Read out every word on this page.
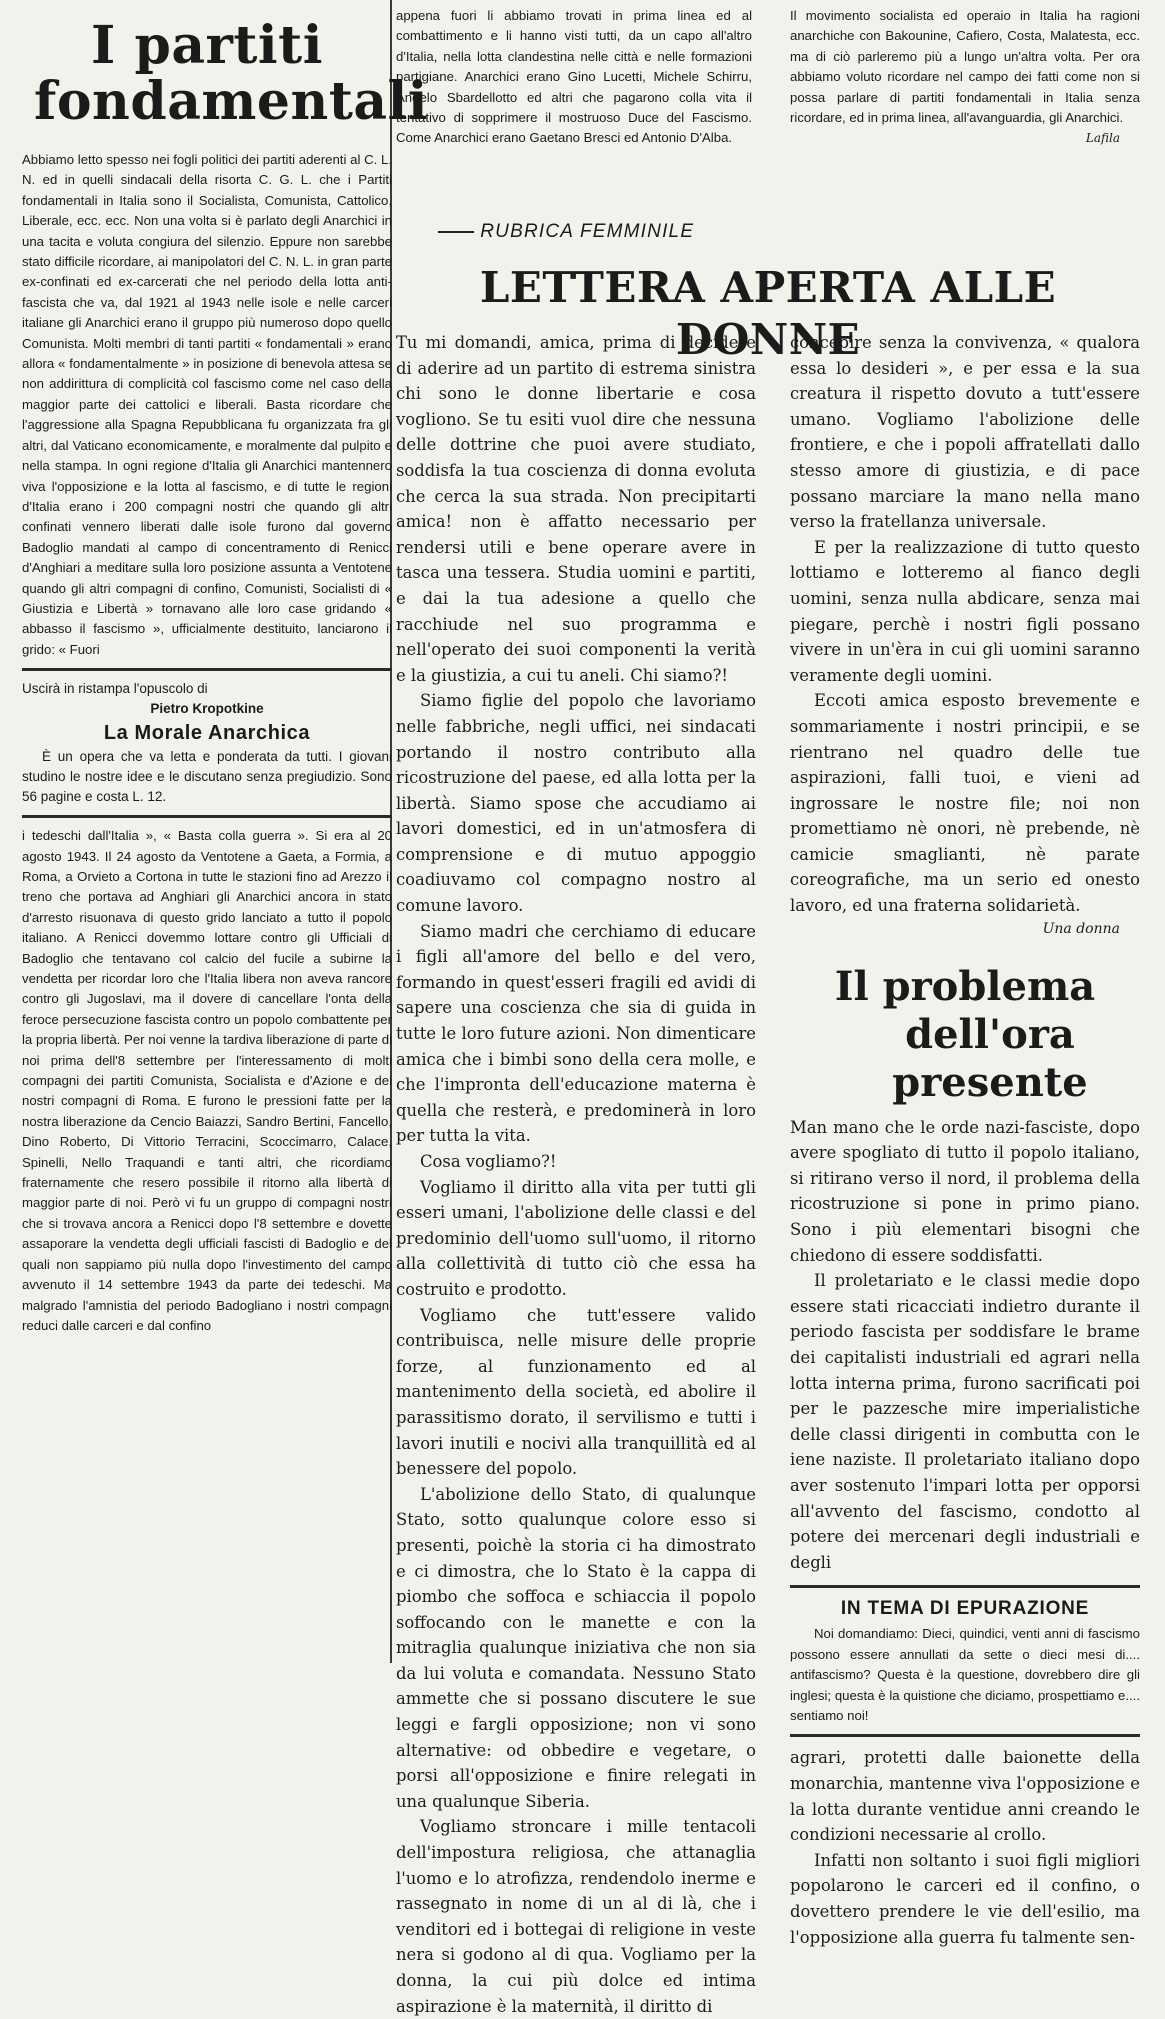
I partiti fondamentali

Abbiamo letto spesso nei fogli politici dei partiti aderenti al C. L. N. ed in quelli sindacali della risorta C. G. L. che i Partiti fondamentali in Italia sono il Socialista, Comunista, Cattolico, Liberale, ecc. ecc. Non una volta si è parlato degli Anarchici in una tacita e voluta congiura del silenzio. Eppure non sarebbe stato difficile ricordare, ai manipolatori del C. N. L. in gran parte ex-confinati ed ex-carcerati che nel periodo della lotta anti-fascista che va, dal 1921 al 1943 nelle isole e nelle carceri italiane gli Anarchici erano il gruppo più numeroso dopo quello Comunista. Molti membri di tanti partiti « fondamentali » erano allora « fondamentalmente » in posizione di benevola attesa se non addirittura di complicità col fascismo come nel caso della maggior parte dei cattolici e liberali. Basta ricordare che l'aggressione alla Spagna Repubblicana fu organizzata fra gli altri, dal Vaticano economicamente, e moralmente dal pulpito e nella stampa. In ogni regione d'Italia gli Anarchici mantennero viva l'opposizione e la lotta al fascismo, e di tutte le regioni d'Italia erano i 200 compagni nostri che quando gli altri confinati vennero liberati dalle isole furono dal governo Badoglio mandati al campo di concentramento di Renicci d'Anghiari a meditare sulla loro posizione assunta a Ventotene quando gli altri compagni di confino, Comunisti, Socialisti di « Giustizia e Libertà » tornavano alle loro case gridando « abbasso il fascismo », ufficialmente destituito, lanciarono il grido: « Fuori

Uscirà in ristampa l'opuscolo di
Pietro Kropotkine
La Morale Anarchica

È un opera che va letta e ponderata da tutti. I giovani studino le nostre idee e le discutano senza pregiudizio. Sono 56 pagine e costa L. 12.

i tedeschi dall'Italia », « Basta colla guerra ». Si era al 20 agosto 1943. Il 24 agosto da Ventotene a Gaeta, a Formia, a Roma, a Orvieto a Cortona in tutte le stazioni fino ad Arezzo il treno che portava ad Anghiari gli Anarchici ancora in stato d'arresto risuonava di questo grido lanciato a tutto il popolo italiano. A Renicci dovemmo lottare contro gli Ufficiali di Badoglio che tentavano col calcio del fucile a subirne la vendetta per ricordar loro che l'Italia libera non aveva rancore contro gli Jugoslavi, ma il dovere di cancellare l'onta della feroce persecuzione fascista contro un popolo combattente per la propria libertà. Per noi venne la tardiva liberazione di parte di noi prima dell'8 settembre per l'interessamento di molti compagni dei partiti Comunista, Socialista e d'Azione e dei nostri compagni di Roma. E furono le pressioni fatte per la nostra liberazione da Cencio Baiazzi, Sandro Bertini, Fancello, Dino Roberto, Di Vittorio Terracini, Scoccimarro, Calace, Spinelli, Nello Traquandi e tanti altri, che ricordiamo fraternamente che resero possibile il ritorno alla libertà di maggior parte di noi. Però vi fu un gruppo di compagni nostri che si trovava ancora a Renicci dopo l'8 settembre e dovette assaporare la vendetta degli ufficiali fascisti di Badoglio e del quali non sappiamo più nulla dopo l'investimento del campo avvenuto il 14 settembre 1943 da parte dei tedeschi. Ma malgrado l'amnistia del periodo Badogliano i nostri compagni reduci dalle carceri e dal confino

appena fuori li abbiamo trovati in prima linea ed al combattimento e li hanno visti tutti, da un capo all'altro d'Italia, nella lotta clandestina nelle città e nelle formazioni partigiane. Anarchici erano Gino Lucetti, Michele Schirru, Angelo Sbardellotto ed altri che pagarono colla vita il tentativo di sopprimere il mostruoso Duce del Fascismo. Come Anarchici erano Gaetano Bresci ed Antonio D'Alba.

Il movimento socialista ed operaio in Italia ha ragioni anarchiche con Bakounine, Cafiero, Costa, Malatesta, ecc. ma di ciò parleremo più a lungo un'altra volta. Per ora abbiamo voluto ricordare nel campo dei fatti come non si possa parlare di partiti fondamentali in Italia senza ricordare, ed in prima linea, all'avanguardia, gli Anarchici.

Lafila

RUBRICA FEMMINILE

LETTERA APERTA ALLE DONNE

Tu mi domandi, amica, prima di decidere di aderire ad un partito di estrema sinistra chi sono le donne libertarie e cosa vogliono. Se tu esiti vuol dire che nessuna delle dottrine che puoi avere studiato, soddisfa la tua coscienza di donna evoluta che cerca la sua strada. Non precipitarti amica! non è affatto necessario per rendersi utili e bene operare avere in tasca una tessera. Studia uomini e partiti, e dai la tua adesione a quello che racchiude nel suo programma e nell'operato dei suoi componenti la verità e la giustizia, a cui tu aneli. Chi siamo?!

Siamo figlie del popolo che lavoriamo nelle fabbriche, negli uffici, nei sindacati portando il nostro contributo alla ricostruzione del paese, ed alla lotta per la libertà. Siamo spose che accudiamo ai lavori domestici, ed in un'atmosfera di comprensione e di mutuo appoggio coadiuvamo col compagno nostro al comune lavoro.

Siamo madri che cerchiamo di educare i figli all'amore del bello e del vero, formando in quest'esseri fragili ed avidi di sapere una coscienza che sia di guida in tutte le loro future azioni. Non dimenticare amica che i bimbi sono della cera molle, e che l'impronta dell'educazione materna è quella che resterà, e predominerà in loro per tutta la vita.

Cosa vogliamo?!

Vogliamo il diritto alla vita per tutti gli esseri umani, l'abolizione delle classi e del predominio dell'uomo sull'uomo, il ritorno alla collettività di tutto ciò che essa ha costruito e prodotto.

Vogliamo che tutt'essere valido contribuisca, nelle misure delle proprie forze, al funzionamento ed al mantenimento della società, ed abolire il parassitismo dorato, il servilismo e tutti i lavori inutili e nocivi alla tranquillità ed al benessere del popolo.

L'abolizione dello Stato, di qualunque Stato, sotto qualunque colore esso si presenti, poichè la storia ci ha dimostrato e ci dimostra, che lo Stato è la cappa di piombo che soffoca e schiaccia il popolo soffocando con le manette e con la mitraglia qualunque iniziativa che non sia da lui voluta e comandata. Nessuno Stato ammette che si possano discutere le sue leggi e fargli opposizione; non vi sono alternative: od obbedire e vegetare, o porsi all'opposizione e finire relegati in una qualunque Siberia.

Vogliamo stroncare i mille tentacoli dell'impostura religiosa, che attanaglia l'uomo e lo atrofizza, rendendolo inerme e rassegnato in nome di un al di là, che i venditori ed i bottegai di religione in veste nera si godono al di qua. Vogliamo per la donna, la cui più dolce ed intima aspirazione è la maternità, il diritto di

concepire senza la convivenza, « qualora essa lo desideri », e per essa e la sua creatura il rispetto dovuto a tutt'essere umano. Vogliamo l'abolizione delle frontiere, e che i popoli affratellati dallo stesso amore di giustizia, e di pace possano marciare la mano nella mano verso la fratellanza universale.

E per la realizzazione di tutto questo lottiamo e lotteremo al fianco degli uomini, senza nulla abdicare, senza mai piegare, perchè i nostri figli possano vivere in un'èra in cui gli uomini saranno veramente degli uomini.

Eccoti amica esposto brevemente e sommariamente i nostri principii, e se rientrano nel quadro delle tue aspirazioni, falli tuoi, e vieni ad ingrossare le nostre file; noi non promettiamo nè onori, nè prebende, nè camicie smaglianti, nè parate coreografiche, ma un serio ed onesto lavoro, ed una fraterna solidarietà.

Una donna

Il problema
dell'ora presente

Man mano che le orde nazi-fasciste, dopo avere spogliato di tutto il popolo italiano, si ritirano verso il nord, il problema della ricostruzione si pone in primo piano. Sono i più elementari bisogni che chiedono di essere soddisfatti.

Il proletariato e le classi medie dopo essere stati ricacciati indietro durante il periodo fascista per soddisfare le brame dei capitalisti industriali ed agrari nella lotta interna prima, furono sacrificati poi per le pazzesche mire imperialistiche delle classi dirigenti in combutta con le iene naziste. Il proletariato italiano dopo aver sostenuto l'impari lotta per opporsi all'avvento del fascismo, condotto al potere dei mercenari degli industriali e degli

IN TEMA DI EPURAZIONE

Noi domandiamo: Dieci, quindici, venti anni di fascismo possono essere annullati da sette o dieci mesi di.... antifascismo? Questa è la questione, dovrebbero dire gli inglesi; questa è la quistione che diciamo, prospettiamo e.... sentiamo noi!

agrari, protetti dalle baionette della monarchia, mantenne viva l'opposizione e la lotta durante ventidue anni creando le condizioni necessarie al crollo.

Infatti non soltanto i suoi figli migliori popolarono le carceri ed il confino, o dovettero prendere le vie dell'esilio, ma l'opposizione alla guerra fu talmente sen-
